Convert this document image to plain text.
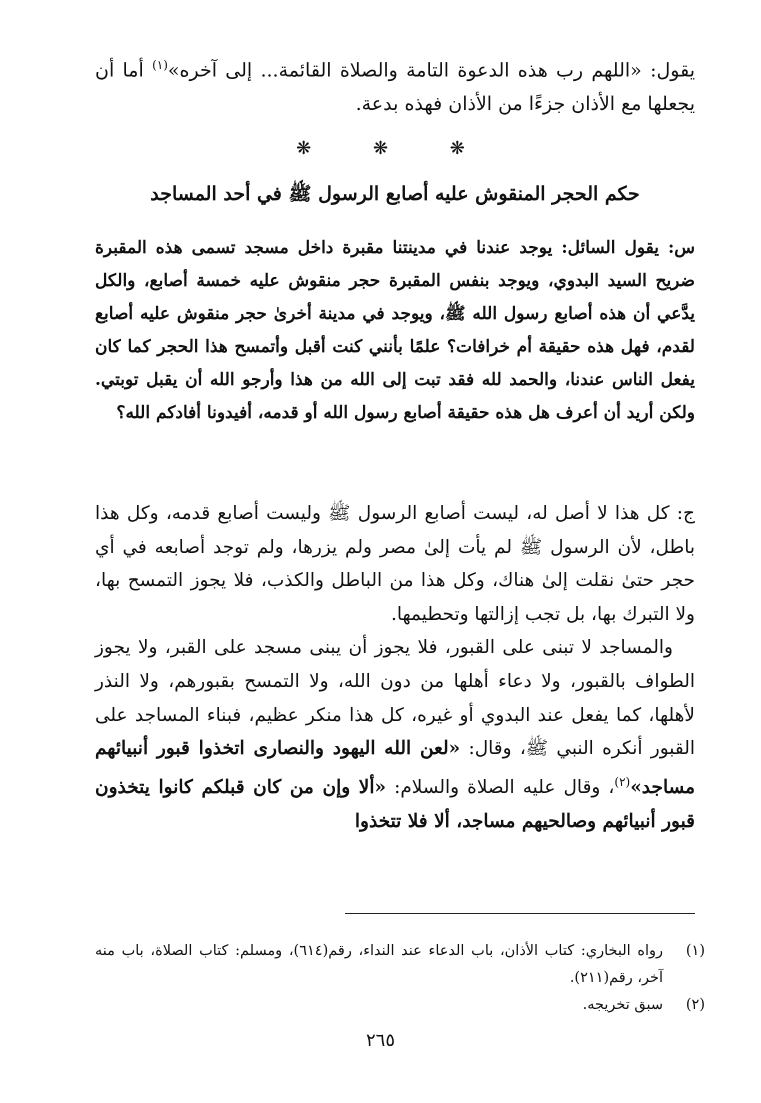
يقول: «اللهم رب هذه الدعوة التامة والصلاة القائمة... إلى آخره»$^{(١)}$ أما أن يجعلها مع الأذان جزءًا من الأذان فهذه بدعة.
❋	❋	❋
حكم الحجر المنقوش عليه أصابع الرسول ﷺ في أحد المساجد
س: يقول السائل: يوجد عندنا في مدينتنا مقبرة داخل مسجد تسمى هذه المقبرة ضريح السيد البدوي، ويوجد بنفس المقبرة حجر منقوش عليه خمسة أصابع، والكل يدَّعي أن هذه أصابع رسول الله ﷺ، ويوجد في مدينة أخرىٰ حجر منقوش عليه أصابع لقدم، فهل هذه حقيقة أم خرافات؟ علمًا بأنني كنت أقبل وأتمسح هذا الحجر كما كان يفعل الناس عندنا، والحمد لله فقد تبت إلى الله من هذا وأرجو الله أن يقبل توبتي. ولكن أريد أن أعرف هل هذه حقيقة أصابع رسول الله أو قدمه، أفيدونا أفادكم الله؟

ج: كل هذا لا أصل له، ليست أصابع الرسول ﷺ وليست أصابع قدمه، وكل هذا باطل، لأن الرسول ﷺ لم يأت إلىٰ مصر ولم يزرها، ولم توجد أصابعه في أي حجر حتىٰ نقلت إلىٰ هناك، وكل هذا من الباطل والكذب، فلا يجوز التمسح بها، ولا التبرك بها، بل تجب إزالتها وتحطيمها.

والمساجد لا تبنى على القبور، فلا يجوز أن يبنى مسجد على القبر، ولا يجوز الطواف بالقبور، ولا دعاء أهلها من دون الله، ولا التمسح بقبورهم، ولا النذر لأهلها، كما يفعل عند البدوي أو غيره، كل هذا منكر عظيم، فبناء المساجد على القبور أنكره النبي ﷺ، وقال: «لعن الله اليهود والنصارى اتخذوا قبور أنبيائهم مساجد»$^{(٢)}$، وقال عليه الصلاة والسلام: «ألا وإن من كان قبلكم كانوا يتخذون قبور أنبيائهم وصالحيهم مساجد، ألا فلا تتخذوا

(١)
رواه البخاري: كتاب الأذان، باب الدعاء عند النداء، رقم(٦١٤)، ومسلم: كتاب الصلاة، باب منه آخر، رقم(٢١١).
(٢)
سبق تخريجه.
٢٦٥
